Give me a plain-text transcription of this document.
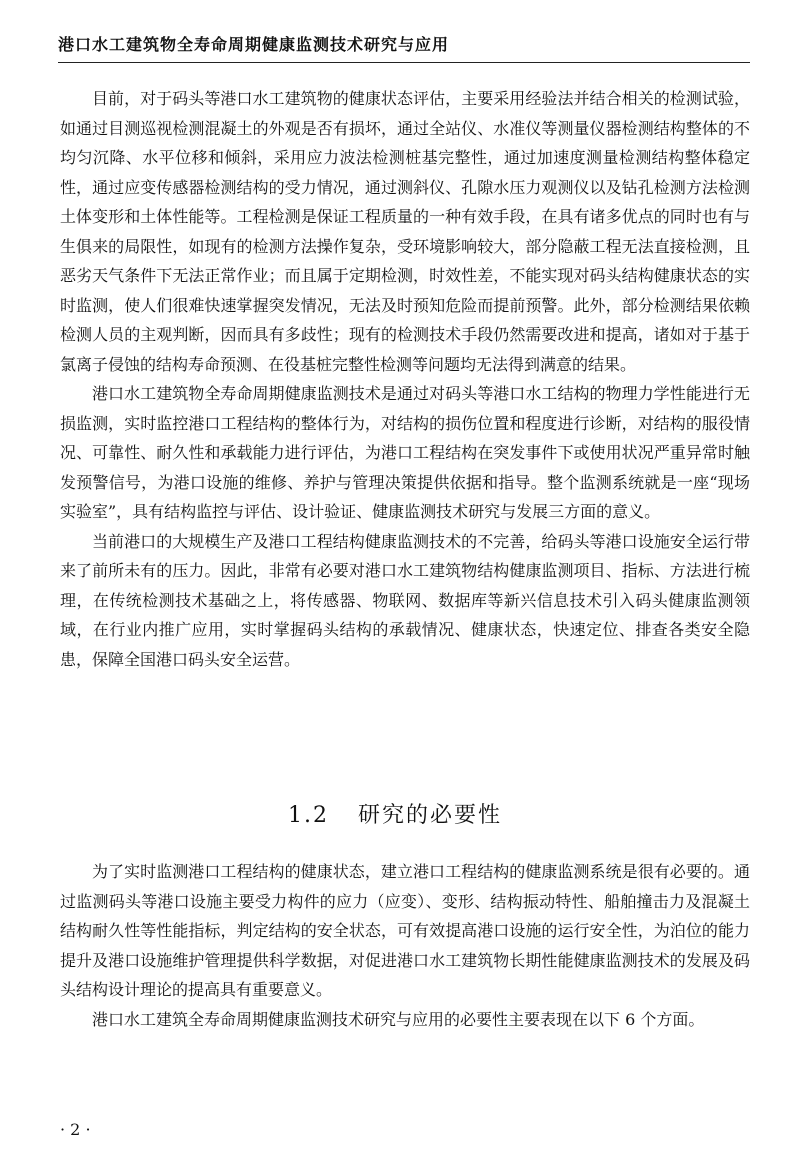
港口水工建筑物全寿命周期健康监测技术研究与应用

目前，对于码头等港口水工建筑物的健康状态评估，主要采用经验法并结合相关的检测试验，如通过目测巡视检测混凝土的外观是否有损坏，通过全站仪、水准仪等测量仪器检测结构整体的不均匀沉降、水平位移和倾斜，采用应力波法检测桩基完整性，通过加速度测量检测结构整体稳定性，通过应变传感器检测结构的受力情况，通过测斜仪、孔隙水压力观测仪以及钻孔检测方法检测土体变形和土体性能等。工程检测是保证工程质量的一种有效手段，在具有诸多优点的同时也有与生俱来的局限性，如现有的检测方法操作复杂，受环境影响较大，部分隐蔽工程无法直接检测，且恶劣天气条件下无法正常作业；而且属于定期检测，时效性差，不能实现对码头结构健康状态的实时监测，使人们很难快速掌握突发情况，无法及时预知危险而提前预警。此外，部分检测结果依赖检测人员的主观判断，因而具有多歧性；现有的检测技术手段仍然需要改进和提高，诸如对于基于氯离子侵蚀的结构寿命预测、在役基桩完整性检测等问题均无法得到满意的结果。

港口水工建筑物全寿命周期健康监测技术是通过对码头等港口水工结构的物理力学性能进行无损监测，实时监控港口工程结构的整体行为，对结构的损伤位置和程度进行诊断，对结构的服役情况、可靠性、耐久性和承载能力进行评估，为港口工程结构在突发事件下或使用状况严重异常时触发预警信号，为港口设施的维修、养护与管理决策提供依据和指导。整个监测系统就是一座“现场实验室”，具有结构监控与评估、设计验证、健康监测技术研究与发展三方面的意义。

当前港口的大规模生产及港口工程结构健康监测技术的不完善，给码头等港口设施安全运行带来了前所未有的压力。因此，非常有必要对港口水工建筑物结构健康监测项目、指标、方法进行梳理，在传统检测技术基础之上，将传感器、物联网、数据库等新兴信息技术引入码头健康监测领域，在行业内推广应用，实时掌握码头结构的承载情况、健康状态，快速定位、排查各类安全隐患，保障全国港口码头安全运营。

1.2 研究的必要性

为了实时监测港口工程结构的健康状态，建立港口工程结构的健康监测系统是很有必要的。通过监测码头等港口设施主要受力构件的应力（应变）、变形、结构振动特性、船舶撞击力及混凝土结构耐久性等性能指标，判定结构的安全状态，可有效提高港口设施的运行安全性，为泊位的能力提升及港口设施维护管理提供科学数据，对促进港口水工建筑物长期性能健康监测技术的发展及码头结构设计理论的提高具有重要意义。

港口水工建筑全寿命周期健康监测技术研究与应用的必要性主要表现在以下 6 个方面。

· 2 ·
